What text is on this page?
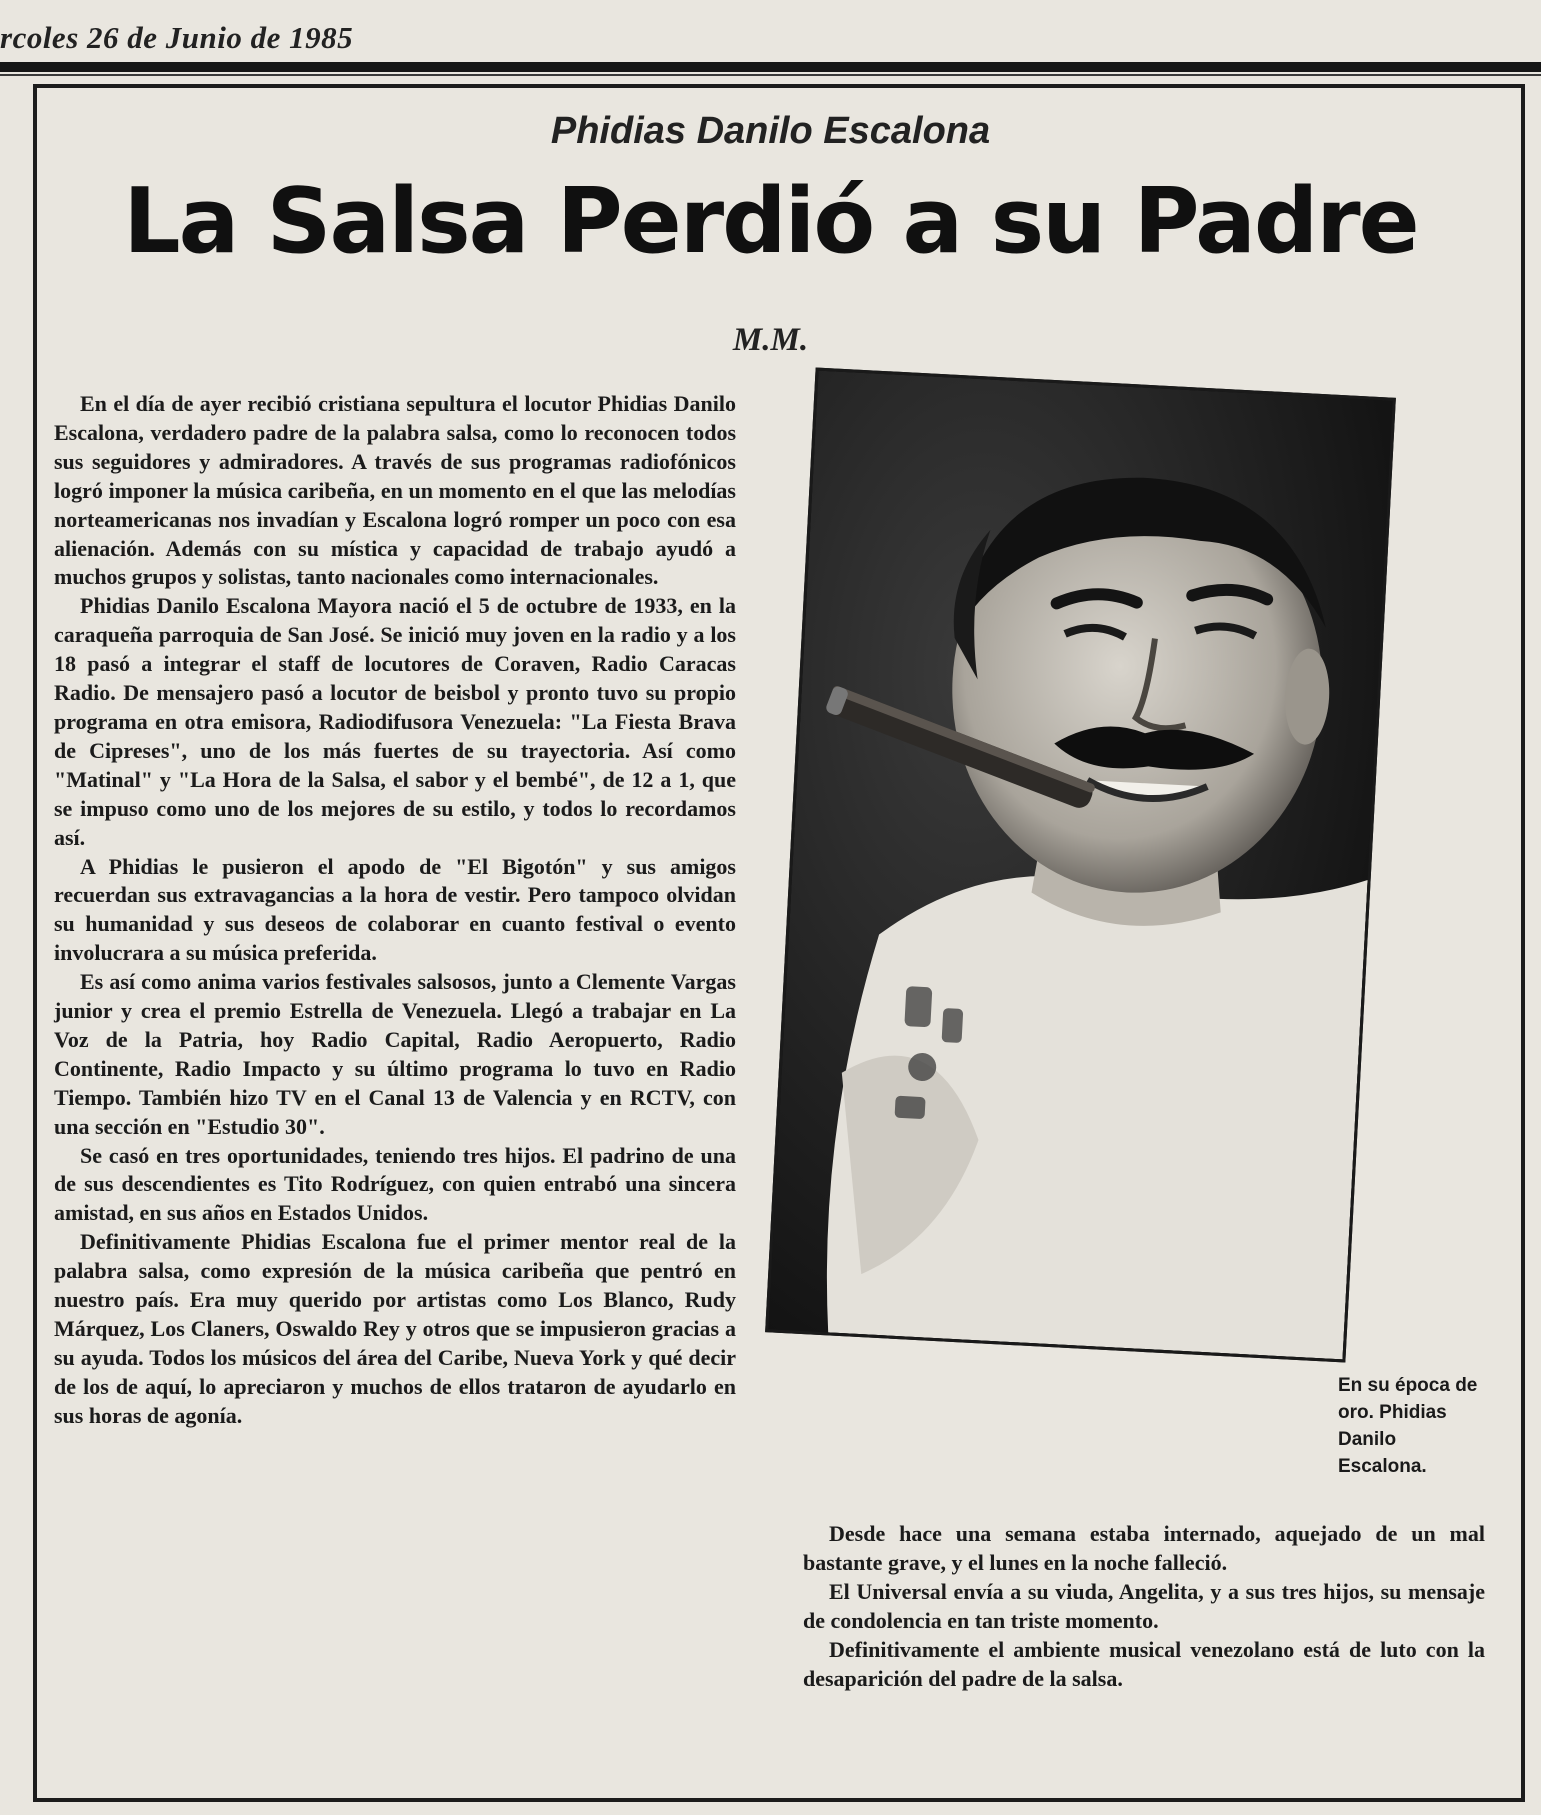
rcoles 26 de Junio de 1985
Phidias Danilo Escalona
La Salsa Perdió a su Padre
M.M.

En el día de ayer recibió cristiana sepultura el locutor Phidias Danilo Escalona, verdadero padre de la palabra salsa, como lo reconocen todos sus seguidores y admiradores. A través de sus programas radiofónicos logró imponer la música caribeña, en un momento en el que las melodías norteamericanas nos invadían y Escalona logró romper un poco con esa alienación. Además con su mística y capacidad de trabajo ayudó a muchos grupos y solistas, tanto nacionales como internacionales.

Phidias Danilo Escalona Mayora nació el 5 de octubre de 1933, en la caraqueña parroquia de San José. Se inició muy joven en la radio y a los 18 pasó a integrar el staff de locutores de Coraven, Radio Caracas Radio. De mensajero pasó a locutor de beisbol y pronto tuvo su propio programa en otra emisora, Radiodifusora Venezuela: "La Fiesta Brava de Cipreses", uno de los más fuertes de su trayectoria. Así como "Matinal" y "La Hora de la Salsa, el sabor y el bembé", de 12 a 1, que se impuso como uno de los mejores de su estilo, y todos lo recordamos así.

A Phidias le pusieron el apodo de "El Bigotón" y sus amigos recuerdan sus extravagancias a la hora de vestir. Pero tampoco olvidan su humanidad y sus deseos de colaborar en cuanto festival o evento involucrara a su música preferida.

Es así como anima varios festivales salsosos, junto a Clemente Vargas junior y crea el premio Estrella de Venezuela. Llegó a trabajar en La Voz de la Patria, hoy Radio Capital, Radio Aeropuerto, Radio Continente, Radio Impacto y su último programa lo tuvo en Radio Tiempo. También hizo TV en el Canal 13 de Valencia y en RCTV, con una sección en "Estudio 30".

Se casó en tres oportunidades, teniendo tres hijos. El padrino de una de sus descendientes es Tito Rodríguez, con quien entrabó una sincera amistad, en sus años en Estados Unidos.

Definitivamente Phidias Escalona fue el primer mentor real de la palabra salsa, como expresión de la música caribeña que pentró en nuestro país. Era muy querido por artistas como Los Blanco, Rudy Márquez, Los Claners, Oswaldo Rey y otros que se impusieron gracias a su ayuda. Todos los músicos del área del Caribe, Nueva York y qué decir de los de aquí, lo apreciaron y muchos de ellos trataron de ayudarlo en sus horas de agonía.

En su época de oro. Phidias Danilo Escalona.

Desde hace una semana estaba internado, aquejado de un mal bastante grave, y el lunes en la noche falleció.

El Universal envía a su viuda, Angelita, y a sus tres hijos, su mensaje de condolencia en tan triste momento.

Definitivamente el ambiente musical venezolano está de luto con la desaparición del padre de la salsa.
